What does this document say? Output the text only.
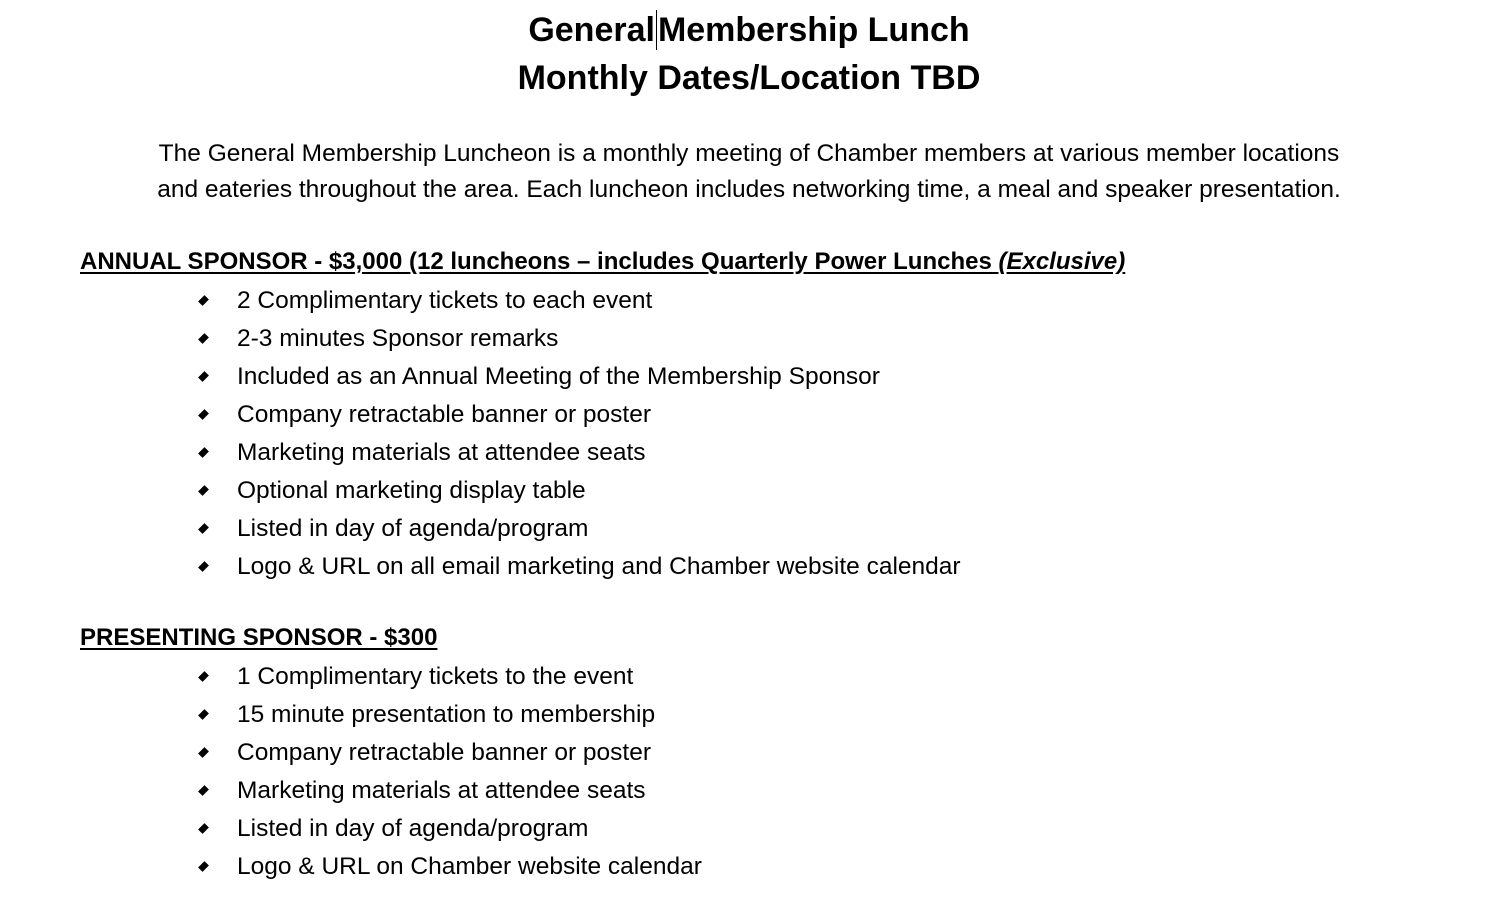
GeneralMembership Lunch
Monthly Dates/Location TBD
The General Membership Luncheon is a monthly meeting of Chamber members at various member locations
and eateries throughout the area. Each luncheon includes networking time, a meal and speaker presentation.
ANNUAL SPONSOR - $3,000 (12 luncheons – includes Quarterly Power Lunches (Exclusive)
2 Complimentary tickets to each event
2-3 minutes Sponsor remarks
Included as an Annual Meeting of the Membership Sponsor
Company retractable banner or poster
Marketing materials at attendee seats
Optional marketing display table
Listed in day of agenda/program
Logo & URL on all email marketing and Chamber website calendar
PRESENTING SPONSOR - $300
1 Complimentary tickets to the event
15 minute presentation to membership
Company retractable banner or poster
Marketing materials at attendee seats
Listed in day of agenda/program
Logo & URL on Chamber website calendar
